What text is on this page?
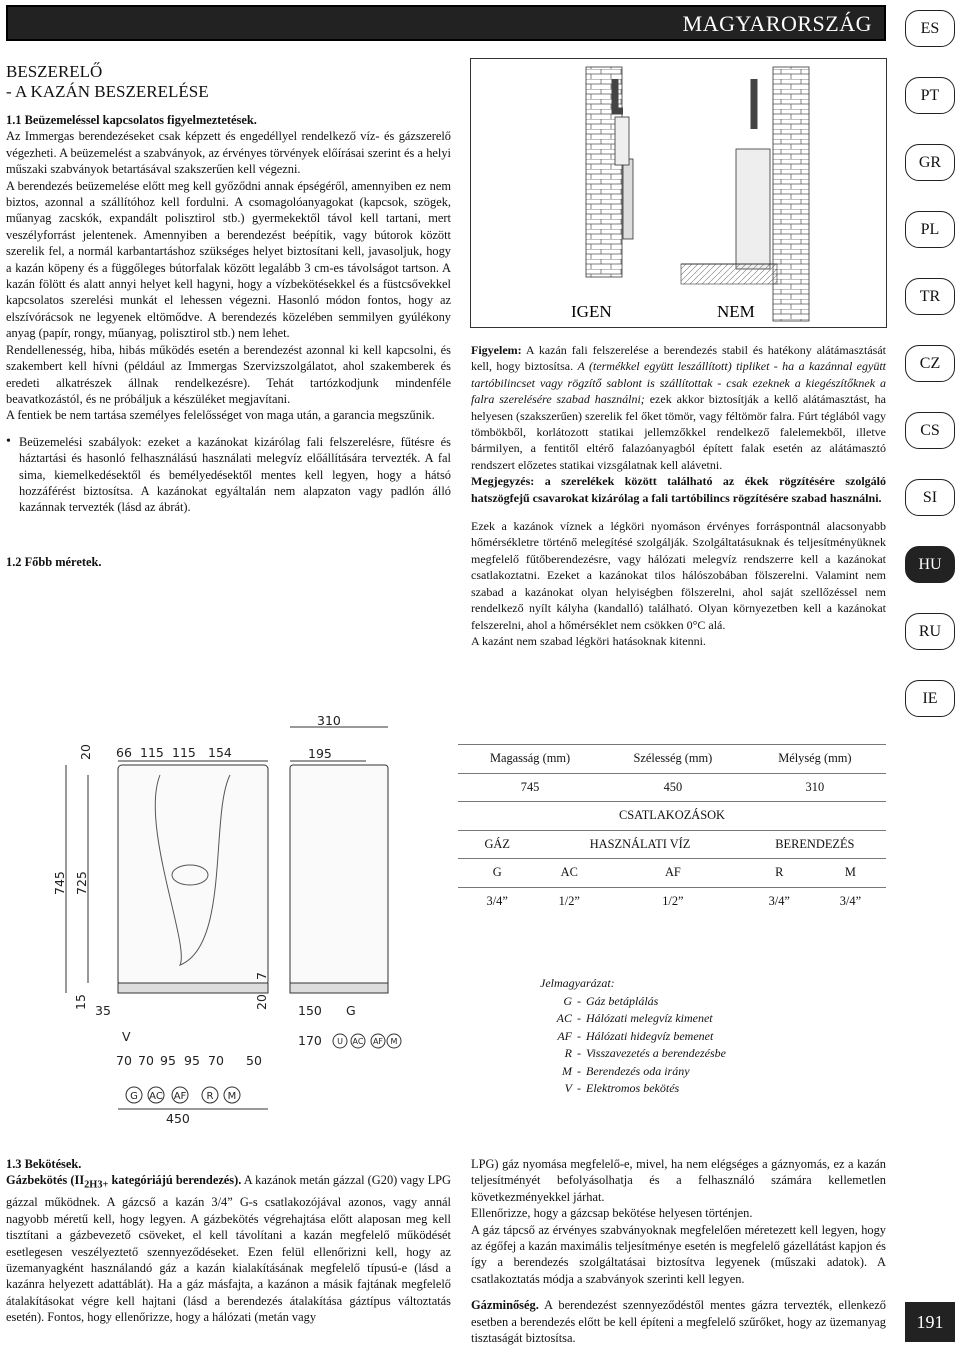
MAGYARORSZÁG	ES
PT
GR
PL
TR
CZ
CS
SI
HU
RU
IE
191
BESZERELŐ
- A KAZÁN BESZERELÉSE

1.1 Beüzemeléssel kapcsolatos figyelmeztetések.

Az Immergas berendezéseket csak képzett és engedéllyel rendelkező víz- és gázszerelő végezheti. A beüzemelést a szabványok, az érvényes törvények előírásai szerint és a helyi műszaki szabványok betartásával szakszerűen kell végezni.

A berendezés beüzemelése előtt meg kell győződni annak épségéről, amennyiben ez nem biztos, azonnal a szállítóhoz kell fordulni. A csomagolóanyagokat (kapcsok, szögek, műanyag zacskók, expandált polisztirol stb.) gyermekektől távol kell tartani, mert veszélyforrást jelentenek. Amennyiben a berendezést beépítik, vagy bútorok között szerelik fel, a normál karbantartáshoz szükséges helyet biztosítani kell, javasoljuk, hogy a kazán köpeny és a függőleges bútorfalak között legalább 3 cm-es távolságot tartson. A kazán fölött és alatt annyi helyet kell hagyni, hogy a vízbekötésekkel és a füstcsővekkel kapcsolatos szerelési munkát el lehessen végezni. Hasonló módon fontos, hogy az elszívórácsok ne legyenek eltömődve. A berendezés közelében semmilyen gyúlékony anyag (papír, rongy, műanyag, polisztirol stb.) nem lehet.

Rendellenesség, hiba, hibás működés esetén a berendezést azonnal ki kell kapcsolni, és szakembert kell hívni (például az Immergas Szervizszolgálatot, ahol szakemberek és eredeti alkatrészek állnak rendelkezésre). Tehát tartózkodjunk mindenféle beavatkozástól, és ne próbáljuk a készüléket megjavítani.

A fentiek be nem tartása személyes felelősséget von maga után, a garancia megszűnik.

• Beüzemelési szabályok: ezeket a kazánokat kizárólag fali felszerelésre, fűtésre és háztartási és hasonló felhasználású használati melegvíz előállítására tervezték. A fal sima, kiemelkedésektől és bemélyedésektől mentes kell legyen, hogy a hátsó hozzáférést biztosítsa. A kazánokat egyáltalán nem alapzaton vagy padlón álló kazánnak tervezték (lásd az ábrát).

1.2 Főbb méretek.

IGEN	NEM

Figyelem: A kazán fali felszerelése a berendezés stabil és hatékony alátámasztását kell, hogy biztosítsa. A (termékkel együtt leszállított) tipliket - ha a kazánnal együtt tartóbilincset vagy rögzítő sablont is szállítottak - csak ezeknek a kiegészítőknek a falra szerelésére szabad használni; ezek akkor biztosítják a kellő alátámasztást, ha helyesen (szakszerűen) szerelik fel őket tömör, vagy féltömör falra. Fúrt téglából vagy tömbökből, korlátozott statikai jellemzőkkel rendelkező falelemekből, illetve bármilyen, a fentitől eltérő falazóanyagból épített falak esetén az alátámasztó rendszert előzetes statikai vizsgálatnak kell alávetni.

Megjegyzés: a szerelékek között található az ékek rögzítésére szolgáló hatszögfejű csavarokat kizárólag a fali tartóbilincs rögzítésére szabad használni.

Ezek a kazánok víznek a légköri nyomáson érvényes forráspontnál alacsonyabb hőmérsékletre történő melegítésé szolgálják. Szolgáltatásuknak és teljesítményüknek megfelelő fűtőberendezésre, vagy hálózati melegvíz rendszerre kell a kazánokat csatlakoztatni. Ezeket a kazánokat tilos hálószobában fölszerelni. Valamint nem szabad a kazánokat olyan helyiségben fölszerelni, ahol saját szellőzéssel nem rendelkező nyílt kályha (kandalló) található. Olyan környezetben kell a kazánokat felszerelni, ahol a hőmérséklet nem csökken 0°C alá.

A kazánt nem szabad légköri hatásoknak kitenni.

310
195
66 115 115 154
20
745 725
15
35
20
7
V
70 70 95 95 70 50
G AC AF R M
450
150 G
170 U AC AF M
Magasság (mm)		Szélesség (mm)	Mélység (mm)	
745		450	310	
CSATLAKOZÁSOK				
GÁZ	HASZNÁLATI VÍZ		BERENDEZÉS	
G	AC	AF	R	M
3/4”	1/2”	1/2”	3/4”	3/4”
Jelmagyarázat:
G - Gáz betáplálás
AC - Hálózati melegvíz kimenet
AF - Hálózati hidegvíz bemenet
R - Visszavezetés a berendezésbe
M - Berendezés oda irány
V - Elektromos bekötés

1.3 Bekötések.

Gázbekötés ($II_{2H3+}$ kategóriájú berendezés). A kazánok metán gázzal (G20) vagy LPG gázzal működnek. A gázcső a kazán 3/4” G-s csatlakozójával azonos, vagy annál nagyobb méretű kell, hogy legyen. A gázbekötés végrehajtása előtt alaposan meg kell tisztítani a gázbevezető csöveket, el kell távolítani a kazán megfelelő működését esetlegesen veszélyeztető szennyeződéseket. Ezen felül ellenőrizni kell, hogy az üzemanyagként használandó gáz a kazán kialakításának megfelelő típusú-e (lásd a kazánra helyezett adattáblát). Ha a gáz másfajta, a kazánon a másik fajtának megfelelő átalakításokat végre kell hajtani (lásd a berendezés átalakítása gáztípus változtatás esetén). Fontos, hogy ellenőrizze, hogy a hálózati (metán vagy

LPG) gáz nyomása megfelelő-e, mivel, ha nem elégséges a gáznyomás, ez a kazán teljesítményét befolyásolhatja és a felhasználó számára kellemetlen következményekkel járhat.

Ellenőrizze, hogy a gázcsap bekötése helyesen történjen.

A gáz tápcső az érvényes szabványoknak megfelelően méretezett kell legyen, hogy az égőfej a kazán maximális teljesítménye esetén is megfelelő gázellátást kapjon és így a berendezés szolgáltatásai biztosítva legyenek (műszaki adatok). A csatlakoztatás módja a szabványok szerinti kell legyen.

Gázminőség. A berendezést szennyeződéstől mentes gázra tervezték, ellenkező esetben a berendezés előtt be kell építeni a megfelelő szűrőket, hogy az üzemanyag tisztaságát biztosítsa.
